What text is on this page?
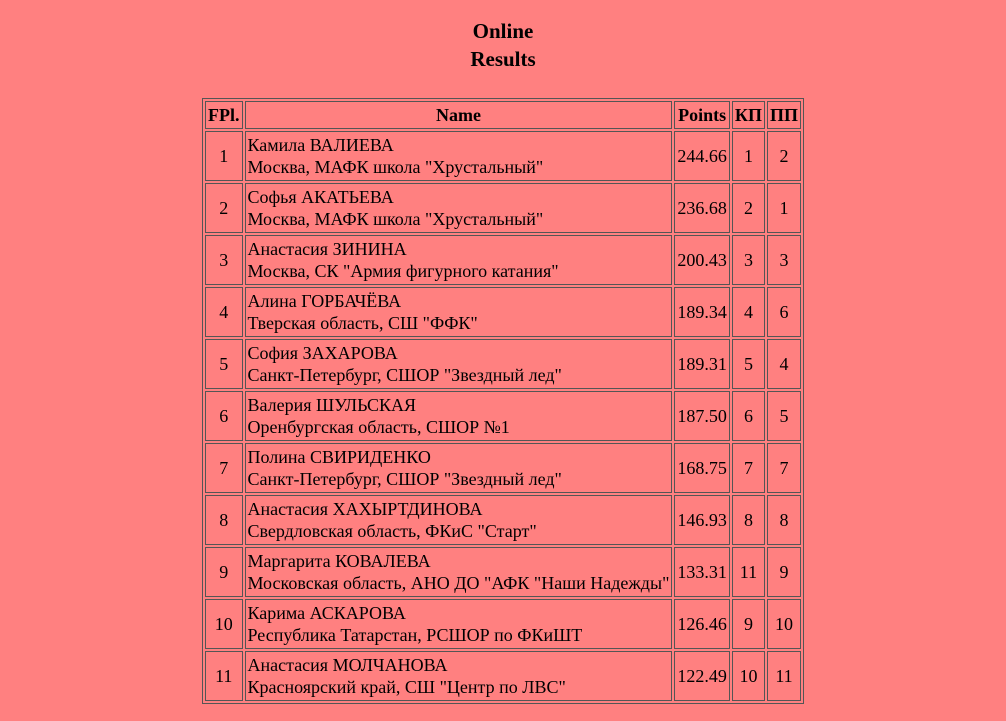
Online
Results
FPl.	Name	Points	КП	ПП
1	Камила ВАЛИЕВА
Москва, МАФК школа "Хрустальный"	244.66	1	2
2	Софья АКАТЬЕВА
Москва, МАФК школа "Хрустальный"	236.68	2	1
3	Анастасия ЗИНИНА
Москва, СК "Армия фигурного катания"	200.43	3	3
4	Алина ГОРБАЧЁВА
Тверская область, СШ "ФФК"	189.34	4	6
5	София ЗАХАРОВА
Санкт-Петербург, СШОР "Звездный лед"	189.31	5	4
6	Валерия ШУЛЬСКАЯ
Оренбургская область, СШОР №1	187.50	6	5
7	Полина СВИРИДЕНКО
Санкт-Петербург, СШОР "Звездный лед"	168.75	7	7
8	Анастасия ХАХЫРТДИНОВА
Свердловская область, ФКиС "Старт"	146.93	8	8
9	Маргарита КОВАЛЕВА
Московская область, АНО ДО "АФК "Наши Надежды"	133.31	11	9
10	Карима АСКАРОВА
Республика Татарстан, РСШОР по ФКиШТ	126.46	9	10
11	Анастасия МОЛЧАНОВА
Красноярский край, СШ "Центр по ЛВС"	122.49	10	11
